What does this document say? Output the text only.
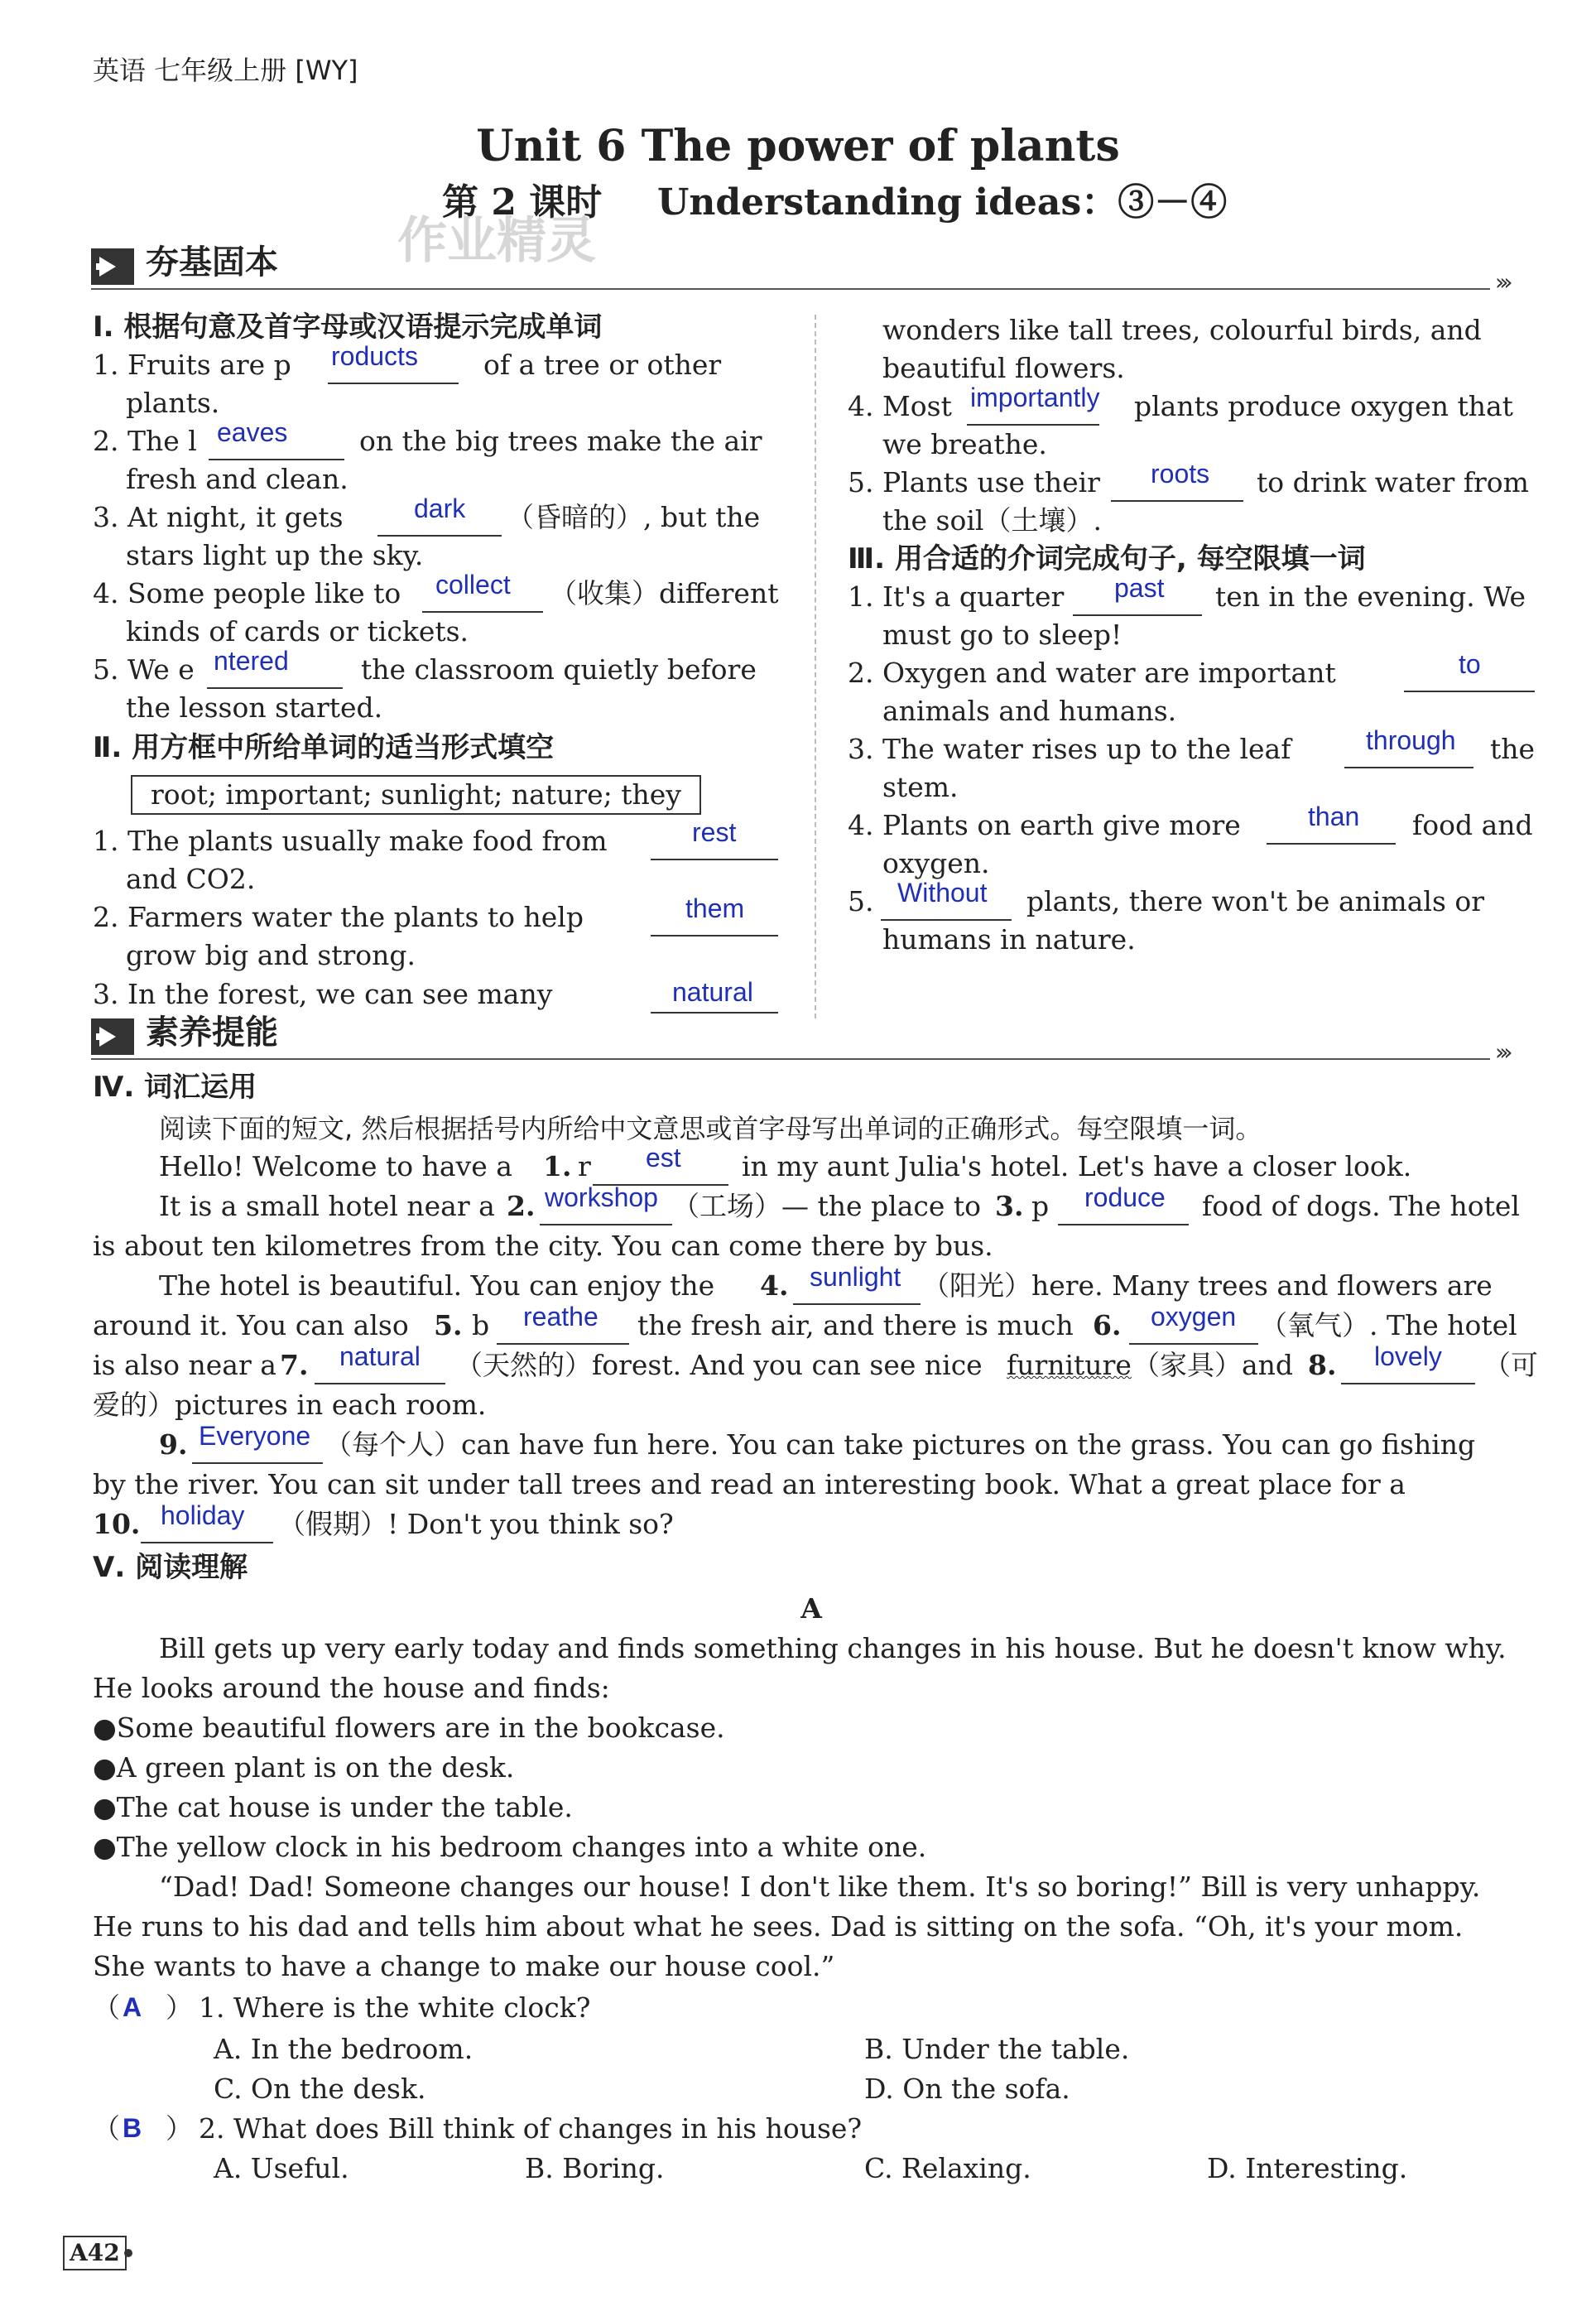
英语 七年级上册 [WY]
Unit 6 The power of plants
第 2 课时 Understanding ideas：③－④
作业精灵
夯基固本
›››
Ⅰ. 根据句意及首字母或汉语提示完成单词
1. Fruits are p roducts of a tree or other
plants.
2. The l eaves	on the big trees make the air
fresh and clean.
3. At night, it gets	dark （昏暗的）, but the
stars light up the sky.
4. Some people like to collect （收集）different
kinds of cards or tickets.
5. We e ntered	the classroom quietly before
the lesson started.
Ⅱ. 用方框中所给单词的适当形式填空
root; important; sunlight; nature; they
1. The plants usually make food from	rest
and CO2.
2. Farmers water the plants to help	them
grow big and strong.
3. In the forest, we can see many	natural
wonders like tall trees, colourful birds, and
beautiful flowers.
4. Most importantly plants produce oxygen that
we breathe.
5. Plants use their roots to drink water from
the soil（土壤）.
Ⅲ. 用合适的介词完成句子, 每空限填一词
1. It's a quarter past ten in the evening. We
must go to sleep!
2. Oxygen and water are important	to
animals and humans.
3. The water rises up to the leaf	through the
stem.
4. Plants on earth give more	than food and
oxygen.
5. Without plants, there won't be animals or
humans in nature.
素养提能
›››
Ⅳ. 词汇运用
阅读下面的短文, 然后根据括号内所给中文意思或首字母写出单词的正确形式。每空限填一词。
Hello! Welcome to have a 1. r est in my aunt Julia's hotel. Let's have a closer look.
It is a small hotel near a 2. workshop （工场）— the place to 3. p roduce food of dogs. The hotel
is about ten kilometres from the city. You can come there by bus.
The hotel is beautiful. You can enjoy the 4. sunlight （阳光）here. Many trees and flowers are
around it. You can also 5. b reathe the fresh air, and there is much 6. oxygen （氧气）. The hotel
is also near a 7. natural （天然的）forest. And you can see nice furniture （家具）and 8. lovely （可
爱的）pictures in each room.
9. Everyone （每个人）can have fun here. You can take pictures on the grass. You can go fishing
by the river. You can sit under tall trees and read an interesting book. What a great place for a
10. holiday （假期）! Don't you think so?
Ⅴ. 阅读理解
A
Bill gets up very early today and finds something changes in his house. But he doesn't know why.
He looks around the house and finds:
●Some beautiful flowers are in the bookcase.
●A green plant is on the desk.
●The cat house is under the table.
●The yellow clock in his bedroom changes into a white one.
“Dad! Dad! Someone changes our house! I don't like them. It's so boring!” Bill is very unhappy.
He runs to his dad and tells him about what he sees. Dad is sitting on the sofa. “Oh, it's your mom.
She wants to have a change to make our house cool.”
（ A ） 1. Where is the white clock?
A. In the bedroom.	B. Under the table.
C. On the desk.	D. On the sofa.
（ B ） 2. What does Bill think of changes in his house?
A. Useful.	B. Boring.	C. Relaxing.	D. Interesting.
A42
